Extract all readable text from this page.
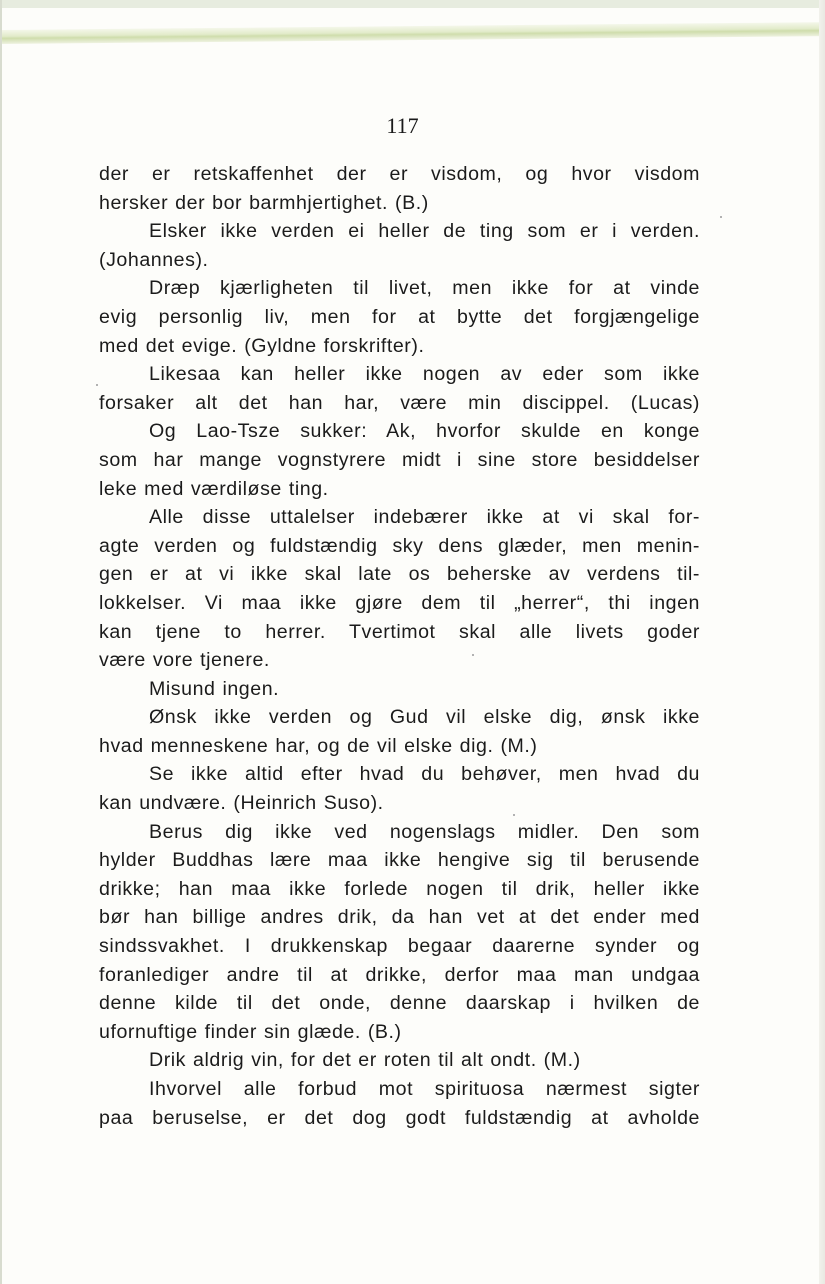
117
der er retskaffenhet der er visdom, og hvor visdom
hersker der bor barmhjertighet. (B.)
Elsker ikke verden ei heller de ting som er i verden.
(Johannes).
Dræp kjærligheten til livet, men ikke for at vinde
evig personlig liv, men for at bytte det forgjængelige
med det evige. (Gyldne forskrifter).
Likesaa kan heller ikke nogen av eder som ikke
forsaker alt det han har, være min discippel. (Lucas)
Og Lao-Tsze sukker: Ak, hvorfor skulde en konge
som har mange vognstyrere midt i sine store besiddelser
leke med værdiløse ting.
Alle disse uttalelser indebærer ikke at vi skal for-
agte verden og fuldstændig sky dens glæder, men menin-
gen er at vi ikke skal late os beherske av verdens til-
lokkelser. Vi maa ikke gjøre dem til „herrer“, thi ingen
kan tjene to herrer. Tvertimot skal alle livets goder
være vore tjenere.
Misund ingen.
Ønsk ikke verden og Gud vil elske dig, ønsk ikke
hvad menneskene har, og de vil elske dig. (M.)
Se ikke altid efter hvad du behøver, men hvad du
kan undvære. (Heinrich Suso).
Berus dig ikke ved nogenslags midler. Den som
hylder Buddhas lære maa ikke hengive sig til berusende
drikke; han maa ikke forlede nogen til drik, heller ikke
bør han billige andres drik, da han vet at det ender med
sindssvakhet. I drukkenskap begaar daarerne synder og
foranlediger andre til at drikke, derfor maa man undgaa
denne kilde til det onde, denne daarskap i hvilken de
ufornuftige finder sin glæde. (B.)
Drik aldrig vin, for det er roten til alt ondt. (M.)
Ihvorvel alle forbud mot spirituosa nærmest sigter
paa beruselse, er det dog godt fuldstændig at avholde
